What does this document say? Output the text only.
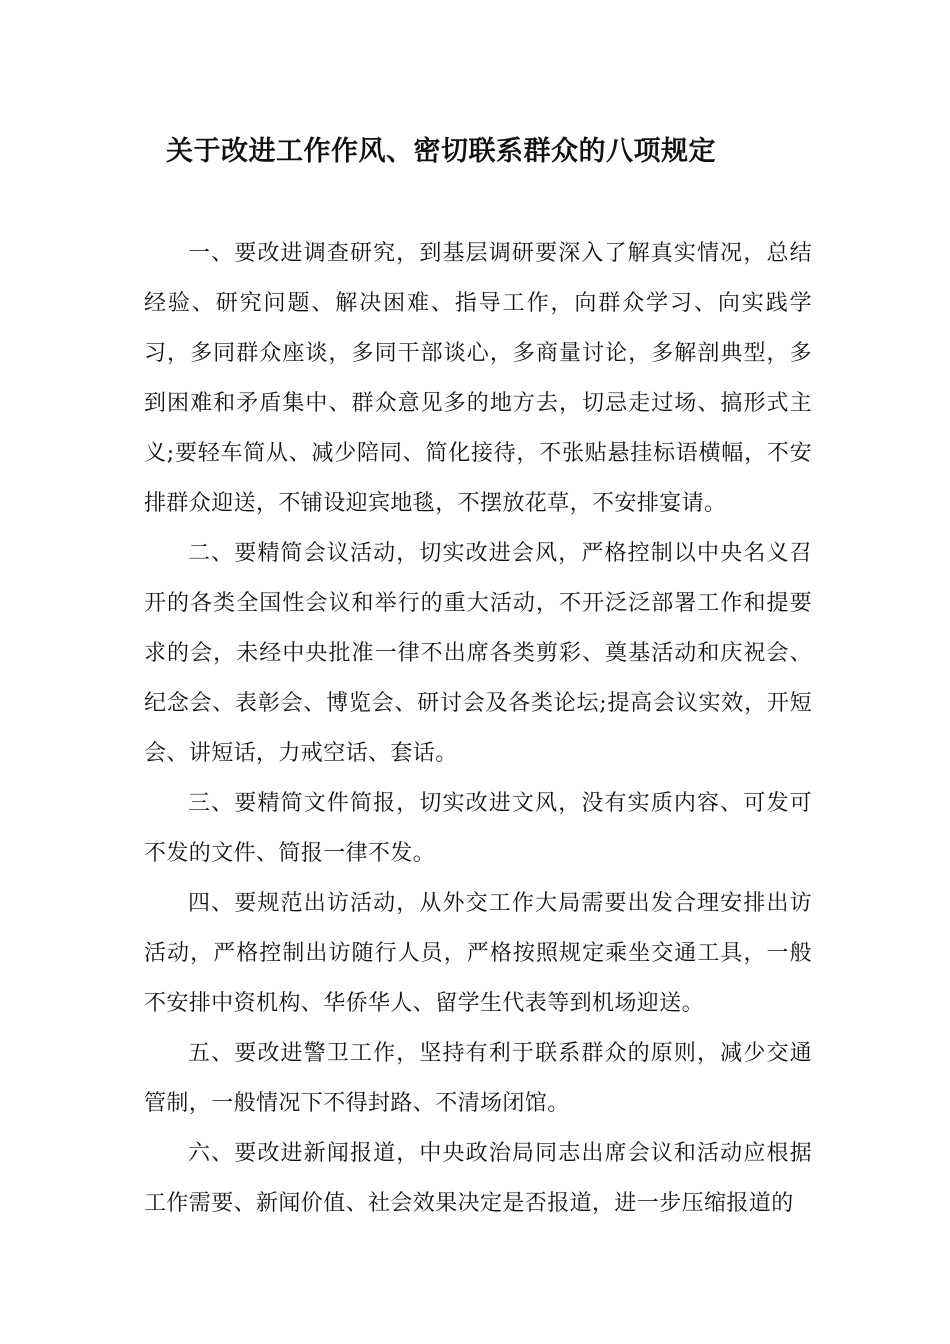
关于改进工作作风、密切联系群众的八项规定

一、要改进调查研究，到基层调研要深入了解真实情况，总结经验、研究问题、解决困难、指导工作，向群众学习、向实践学习，多同群众座谈，多同干部谈心，多商量讨论，多解剖典型，多到困难和矛盾集中、群众意见多的地方去，切忌走过场、搞形式主义;要轻车简从、减少陪同、简化接待，不张贴悬挂标语横幅，不安排群众迎送，不铺设迎宾地毯，不摆放花草，不安排宴请。

二、要精简会议活动，切实改进会风，严格控制以中央名义召开的各类全国性会议和举行的重大活动，不开泛泛部署工作和提要求的会，未经中央批准一律不出席各类剪彩、奠基活动和庆祝会、纪念会、表彰会、博览会、研讨会及各类论坛;提高会议实效，开短会、讲短话，力戒空话、套话。

三、要精简文件简报，切实改进文风，没有实质内容、可发可不发的文件、简报一律不发。

四、要规范出访活动，从外交工作大局需要出发合理安排出访活动，严格控制出访随行人员，严格按照规定乘坐交通工具，一般不安排中资机构、华侨华人、留学生代表等到机场迎送。

五、要改进警卫工作，坚持有利于联系群众的原则，减少交通管制，一般情况下不得封路、不清场闭馆。

六、要改进新闻报道，中央政治局同志出席会议和活动应根据工作需要、新闻价值、社会效果决定是否报道，进一步压缩报道的
